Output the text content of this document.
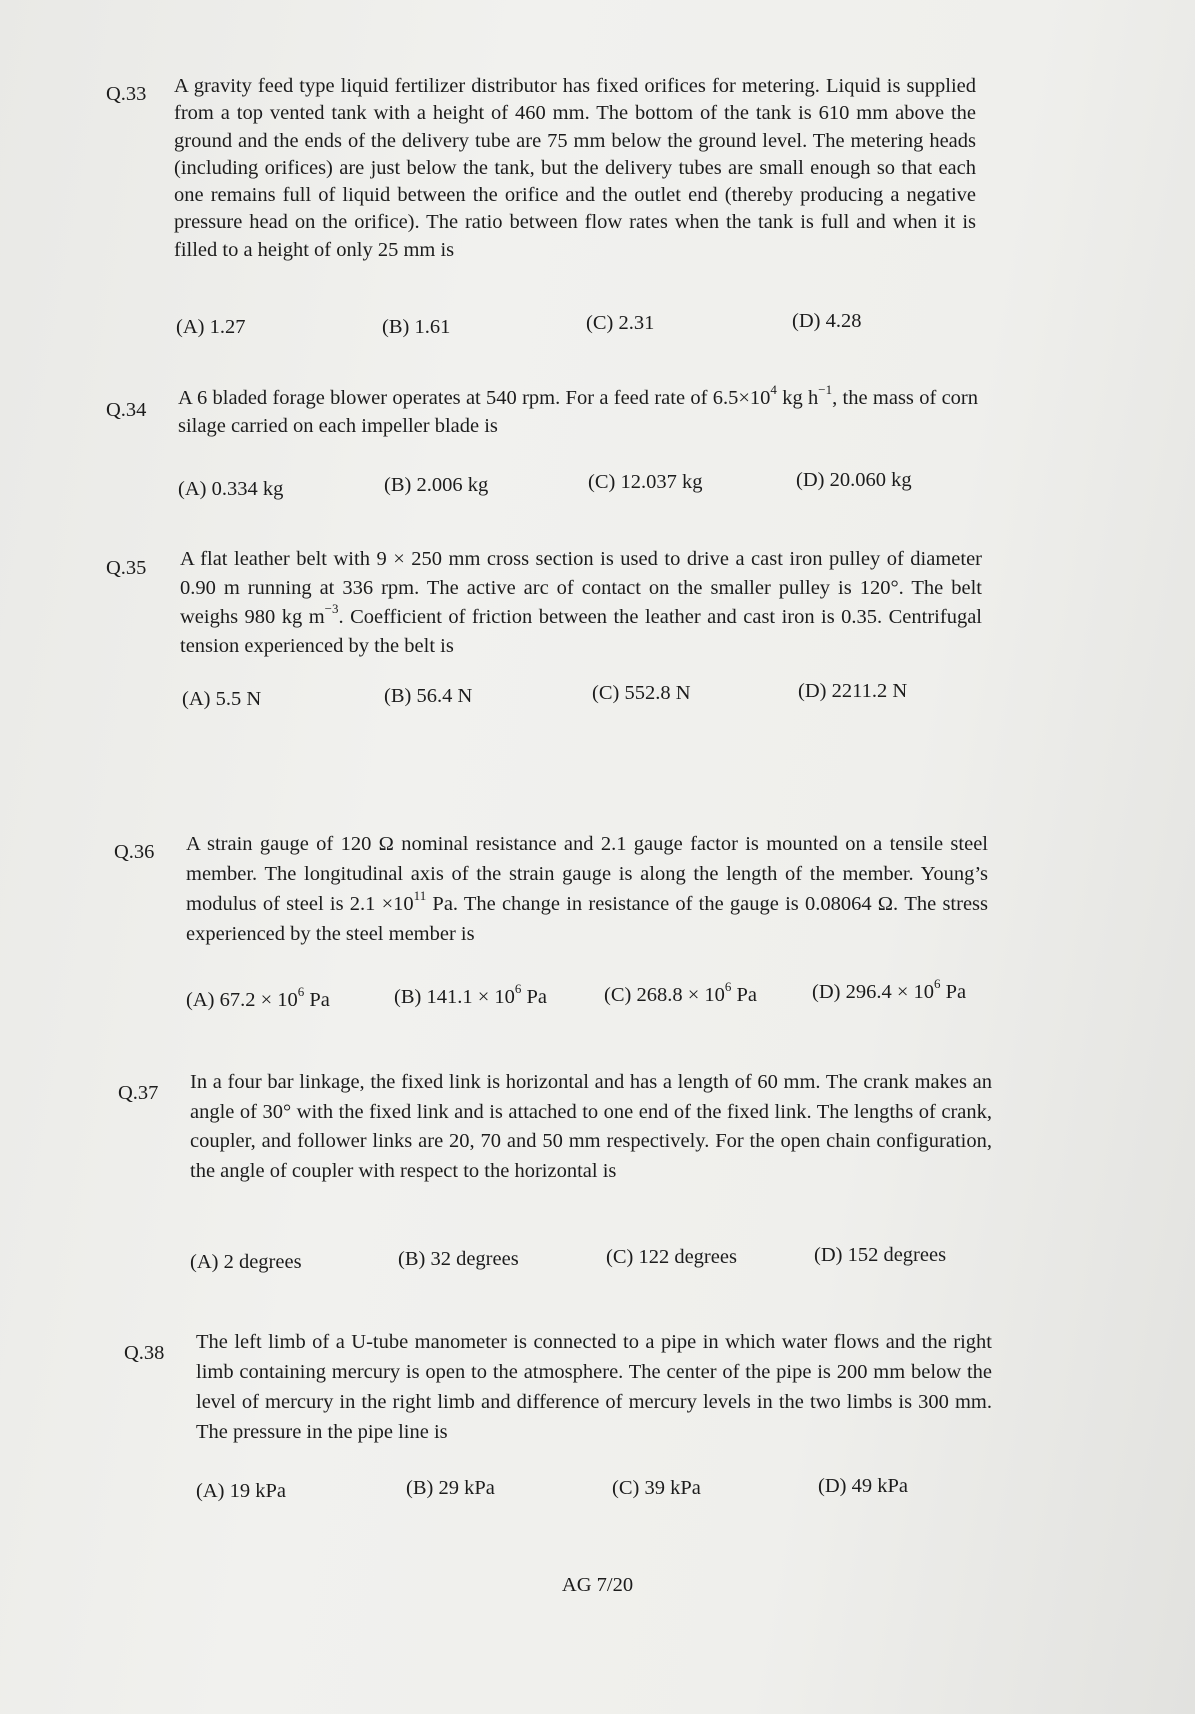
Q.33 A gravity feed type liquid fertilizer distributor has fixed orifices for metering. Liquid is supplied from a top vented tank with a height of 460 mm. The bottom of the tank is 610 mm above the ground and the ends of the delivery tube are 75 mm below the ground level. The metering heads (including orifices) are just below the tank, but the delivery tubes are small enough so that each one remains full of liquid between the orifice and the outlet end (thereby producing a negative pressure head on the orifice). The ratio between flow rates when the tank is full and when it is filled to a height of only 25 mm is
(A) 1.27	(B) 1.61	(C) 2.31	(D) 4.28
Q.34
A 6 bladed forage blower operates at 540 rpm. For a feed rate of $6.5\times 10^4$ kg $h^{-1}$, the mass of corn silage carried on each impeller blade is
(A) 0.334 kg	(B) 2.006 kg	(C) 12.037 kg	(D) 20.060 kg
Q.35 A flat leather belt with 9 × 250 mm cross section is used to drive a cast iron pulley of diameter 0.90 m running at 336 rpm. The active arc of contact on the smaller pulley is 120°. The belt weighs 980 kg $m^{-3}$. Coefficient of friction between the leather and cast iron is 0.35. Centrifugal tension experienced by the belt is
(A) 5.5 N	(B) 56.4 N	(C) 552.8 N	(D) 2211.2 N
Q.36 A strain gauge of 120 Ω nominal resistance and 2.1 gauge factor is mounted on a tensile steel member. The longitudinal axis of the strain gauge is along the length of the member. Young’s modulus of steel is $2.1 \times 10^{11}$ Pa. The change in resistance of the gauge is 0.08064 Ω. The stress experienced by the steel member is
(A) $67.2 \times 10^6$ Pa	(B) $141.1 \times 10^6$ Pa	(C) $268.8 \times 10^6$ Pa	(D) $296.4 \times 10^6$ Pa
Q.37 In a four bar linkage, the fixed link is horizontal and has a length of 60 mm. The crank makes an angle of 30° with the fixed link and is attached to one end of the fixed link. The lengths of crank, coupler, and follower links are 20, 70 and 50 mm respectively. For the open chain configuration, the angle of coupler with respect to the horizontal is
(A) 2 degrees	(B) 32 degrees	(C) 122 degrees	(D) 152 degrees
Q.38 The left limb of a U-tube manometer is connected to a pipe in which water flows and the right limb containing mercury is open to the atmosphere. The center of the pipe is 200 mm below the level of mercury in the right limb and difference of mercury levels in the two limbs is 300 mm. The pressure in the pipe line is
(A) 19 kPa	(B) 29 kPa	(C) 39 kPa	(D) 49 kPa
AG 7/20
